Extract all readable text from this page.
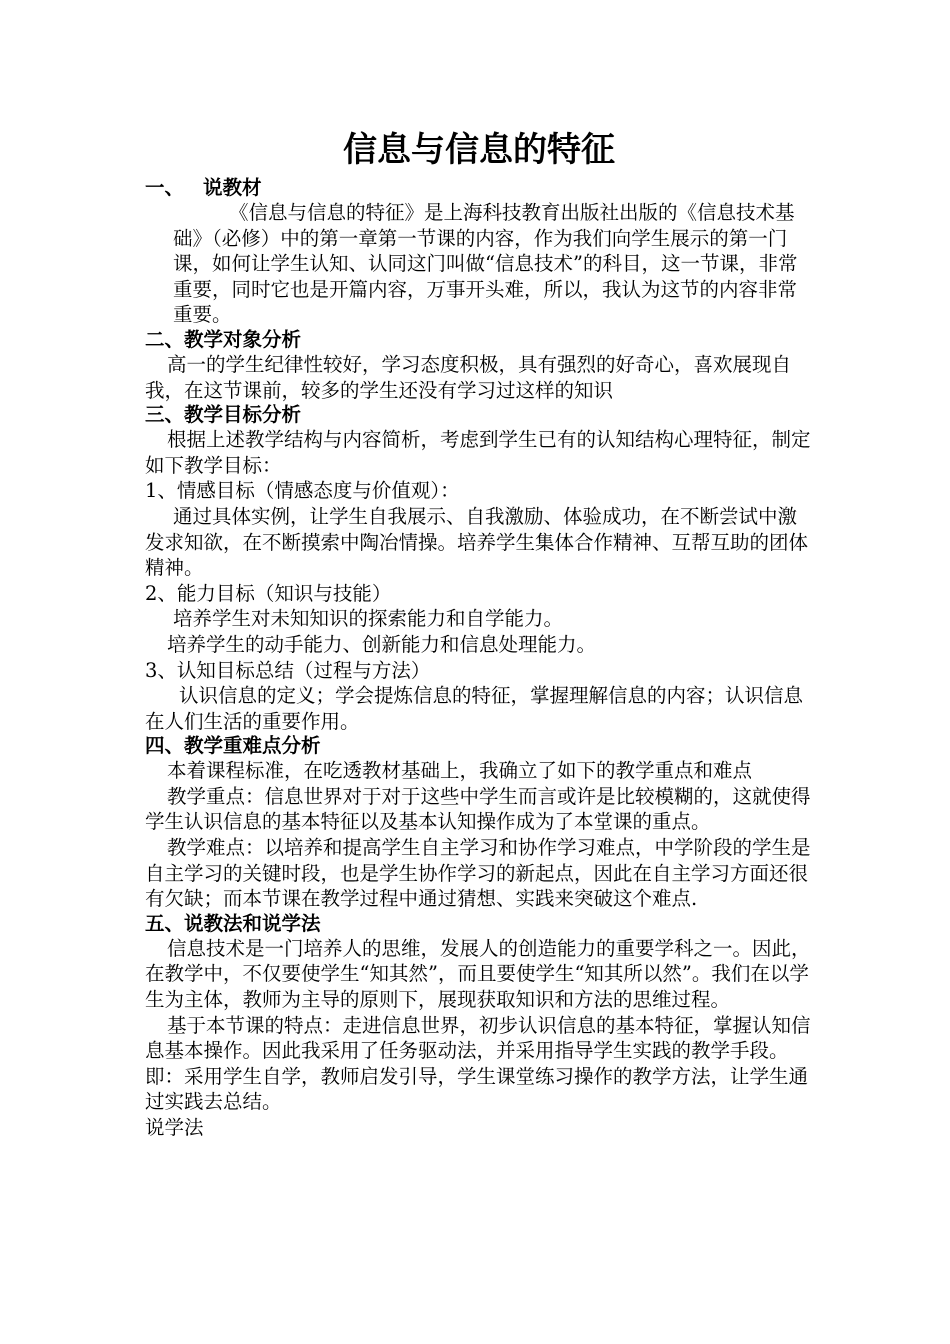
信息与信息的特征
一、 说教材

《信息与信息的特征》是上海科技教育出版社出版的《信息技术基础》（必修）中的第一章第一节课的内容，作为我们向学生展示的第一门课，如何让学生认知、认同这门叫做“信息技术”的科目，这一节课，非常重要，同时它也是开篇内容，万事开头难，所以，我认为这节的内容非常重要。

二、教学对象分析

高一的学生纪律性较好，学习态度积极，具有强烈的好奇心，喜欢展现自我，在这节课前，较多的学生还没有学习过这样的知识

三、教学目标分析

根据上述教学结构与内容简析，考虑到学生已有的认知结构心理特征，制定如下教学目标：

1、情感目标（情感态度与价值观）：

通过具体实例，让学生自我展示、自我激励、体验成功，在不断尝试中激发求知欲，在不断摸索中陶冶情操。培养学生集体合作精神、互帮互助的团体精神。

2、能力目标（知识与技能）

培养学生对未知知识的探索能力和自学能力。

培养学生的动手能力、创新能力和信息处理能力。

3、认知目标总结（过程与方法）

认识信息的定义；学会提炼信息的特征，掌握理解信息的内容；认识信息在人们生活的重要作用。

四、教学重难点分析

本着课程标准，在吃透教材基础上，我确立了如下的教学重点和难点

教学重点：信息世界对于对于这些中学生而言或许是比较模糊的，这就使得学生认识信息的基本特征以及基本认知操作成为了本堂课的重点。

教学难点：以培养和提高学生自主学习和协作学习难点，中学阶段的学生是自主学习的关键时段，也是学生协作学习的新起点，因此在自主学习方面还很有欠缺；而本节课在教学过程中通过猜想、实践来突破这个难点.

五、说教法和说学法

信息技术是一门培养人的思维，发展人的创造能力的重要学科之一。因此，在教学中，不仅要使学生“知其然”，而且要使学生“知其所以然”。我们在以学生为主体，教师为主导的原则下，展现获取知识和方法的思维过程。

基于本节课的特点：走进信息世界，初步认识信息的基本特征，掌握认知信息基本操作。因此我采用了任务驱动法，并采用指导学生实践的教学手段。即：采用学生自学，教师启发引导，学生课堂练习操作的教学方法，让学生通过实践去总结。

说学法
